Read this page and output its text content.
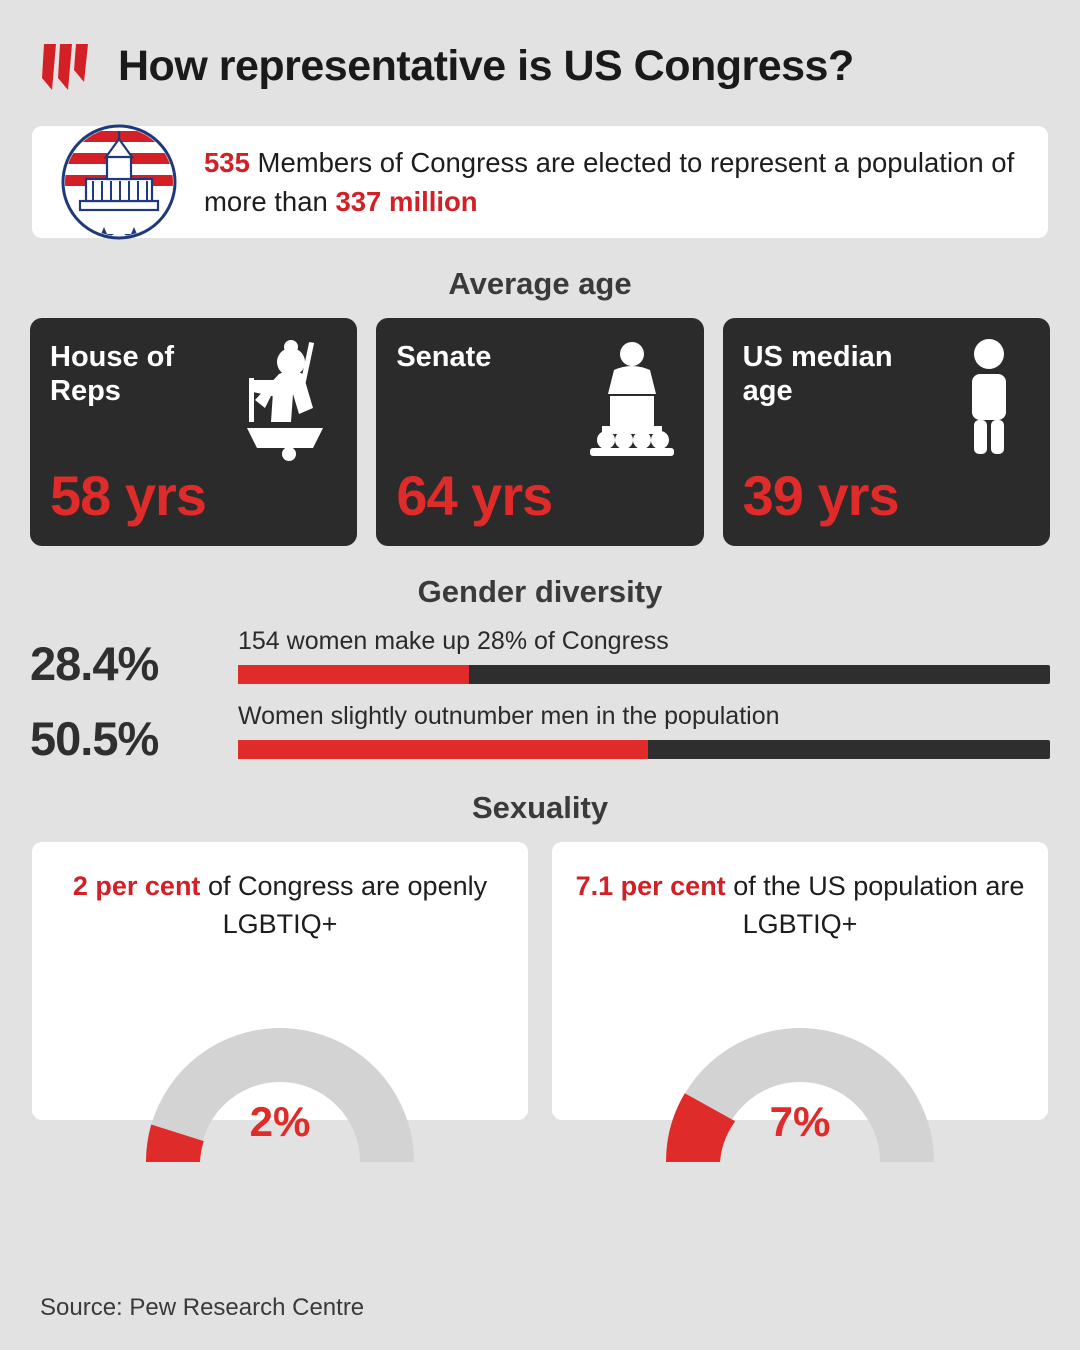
How representative is US Congress?
535 Members of Congress are elected to represent a population of more than 337 million
Average age
House of Reps
58 yrs
Senate
64 yrs
US median age
39 yrs
Gender diversity
28.4%	154 women make up 28% of Congress
50.5%	Women slightly outnumber men in the population
Sexuality
2 per cent of Congress are openly LGBTIQ+
2%
7.1 per cent of the US population are LGBTIQ+
7%
Source: Pew Research Centre
